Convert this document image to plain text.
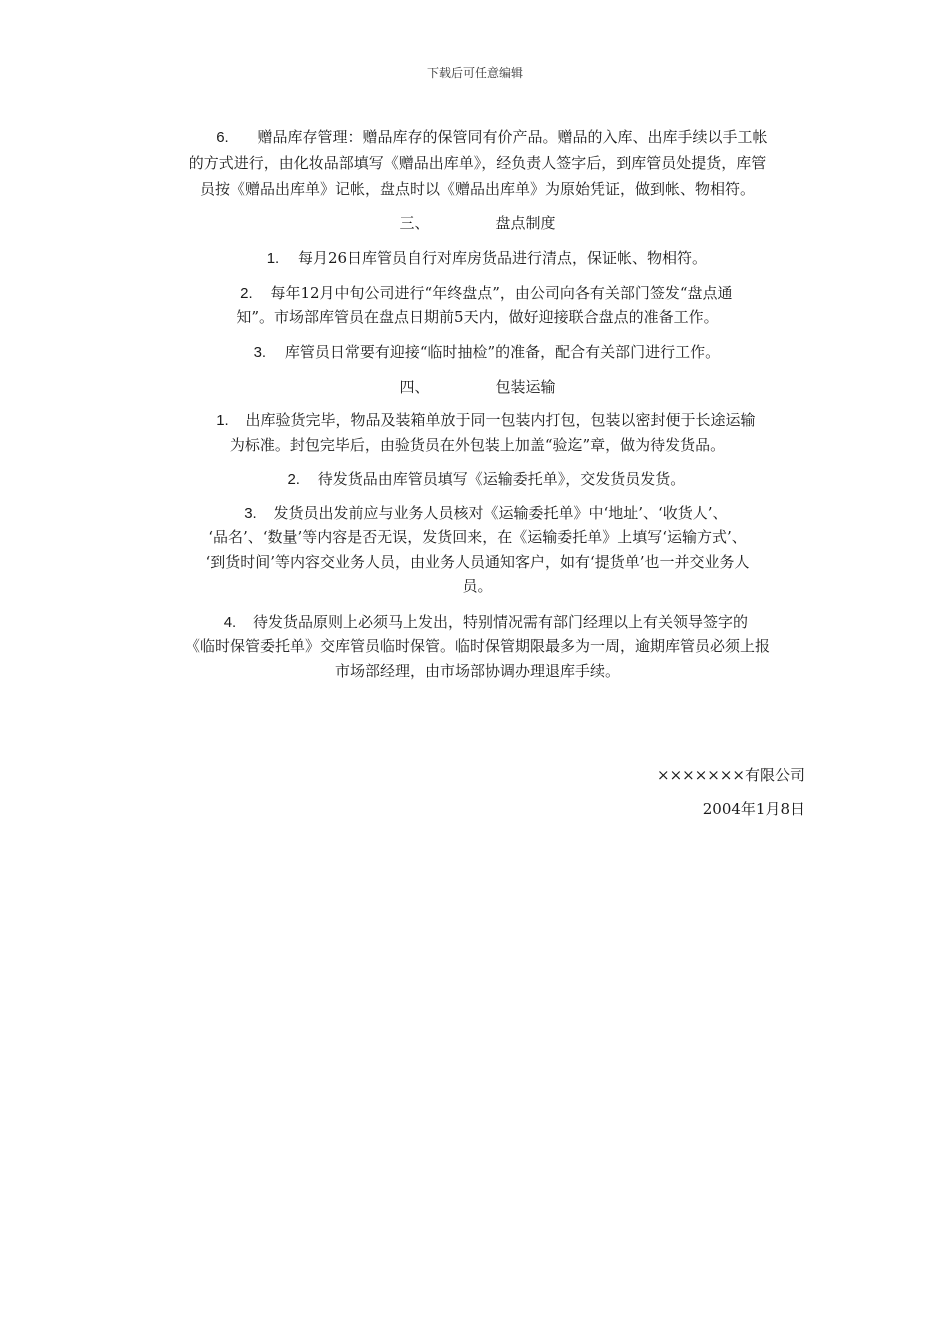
下载后可任意编辑
6. 赠品库存管理：赠品库存的保管同有价产品。赠品的入库、出库手续以手工帐
的方式进行，由化妆品部填写《赠品出库单》，经负责人签字后，到库管员处提货，库管
员按《赠品出库单》记帐，盘点时以《赠品出库单》为原始凭证，做到帐、物相符。
三、	盘点制度
1. 每月26日库管员自行对库房货品进行清点，保证帐、物相符。
2. 每年12月中旬公司进行“年终盘点”，由公司向各有关部门签发“盘点通
知”。市场部库管员在盘点日期前5天内，做好迎接联合盘点的准备工作。
3. 库管员日常要有迎接“临时抽检”的准备，配合有关部门进行工作。
四、	包装运输
1. 出库验货完毕，物品及装箱单放于同一包装内打包，包装以密封便于长途运输
为标准。封包完毕后，由验货员在外包装上加盖“验迄”章，做为待发货品。
2. 待发货品由库管员填写《运输委托单》，交发货员发货。
3. 发货员出发前应与业务人员核对《运输委托单》中‘地址’、‘收货人’、
‘品名’、‘数量’等内容是否无误，发货回来，在《运输委托单》上填写‘运输方式’、
‘到货时间’等内容交业务人员，由业务人员通知客户，如有‘提货单’也一并交业务人
员。
4. 待发货品原则上必须马上发出，特别情况需有部门经理以上有关领导签字的
《临时保管委托单》交库管员临时保管。临时保管期限最多为一周，逾期库管员必须上报
市场部经理，由市场部协调办理退库手续。
×××××××有限公司
2004年1月8日
